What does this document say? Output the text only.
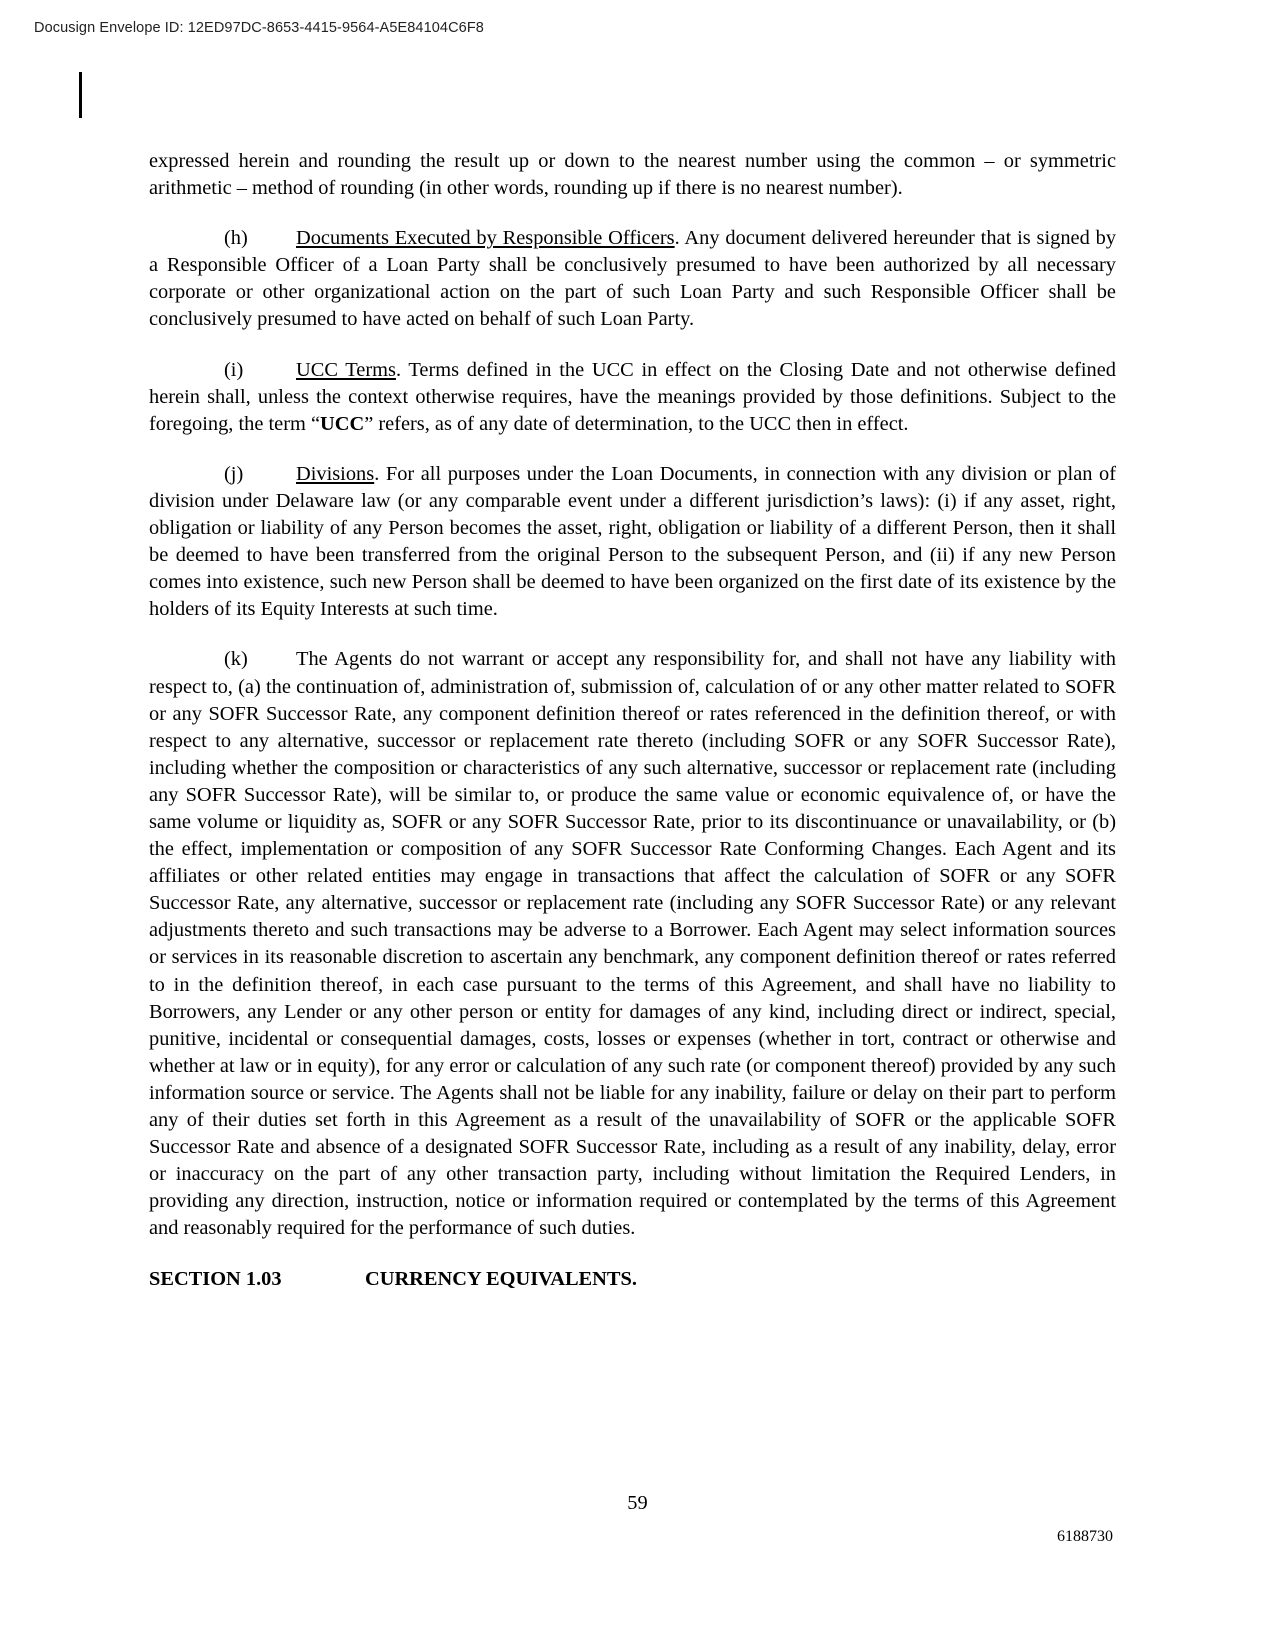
Docusign Envelope ID: 12ED97DC-8653-4415-9564-A5E84104C6F8

expressed herein and rounding the result up or down to the nearest number using the common – or symmetric arithmetic – method of rounding (in other words, rounding up if there is no nearest number).

(h) Documents Executed by Responsible Officers. Any document delivered hereunder that is signed by a Responsible Officer of a Loan Party shall be conclusively presumed to have been authorized by all necessary corporate or other organizational action on the part of such Loan Party and such Responsible Officer shall be conclusively presumed to have acted on behalf of such Loan Party.

(i)	UCC Terms. Terms defined in the UCC in effect on the Closing Date and not otherwise defined herein shall, unless the context otherwise requires, have the meanings provided by those definitions. Subject to the foregoing, the term “UCC” refers, as of any date of determination, to the UCC then in effect.

(j)	Divisions. For all purposes under the Loan Documents, in connection with any division or plan of division under Delaware law (or any comparable event under a different jurisdiction’s laws): (i) if any asset, right, obligation or liability of any Person becomes the asset, right, obligation or liability of a different Person, then it shall be deemed to have been transferred from the original Person to the subsequent Person, and (ii) if any new Person comes into existence, such new Person shall be deemed to have been organized on the first date of its existence by the holders of its Equity Interests at such time.

(k) The Agents do not warrant or accept any responsibility for, and shall not have any liability with respect to, (a) the continuation of, administration of, submission of, calculation of or any other matter related to SOFR or any SOFR Successor Rate, any component definition thereof or rates referenced in the definition thereof, or with respect to any alternative, successor or replacement rate thereto (including SOFR or any SOFR Successor Rate), including whether the composition or characteristics of any such alternative, successor or replacement rate (including any SOFR Successor Rate), will be similar to, or produce the same value or economic equivalence of, or have the same volume or liquidity as, SOFR or any SOFR Successor Rate, prior to its discontinuance or unavailability, or (b) the effect, implementation or composition of any SOFR Successor Rate Conforming Changes. Each Agent and its affiliates or other related entities may engage in transactions that affect the calculation of SOFR or any SOFR Successor Rate, any alternative, successor or replacement rate (including any SOFR Successor Rate) or any relevant adjustments thereto and such transactions may be adverse to a Borrower. Each Agent may select information sources or services in its reasonable discretion to ascertain any benchmark, any component definition thereof or rates referred to in the definition thereof, in each case pursuant to the terms of this Agreement, and shall have no liability to Borrowers, any Lender or any other person or entity for damages of any kind, including direct or indirect, special, punitive, incidental or consequential damages, costs, losses or expenses (whether in tort, contract or otherwise and whether at law or in equity), for any error or calculation of any such rate (or component thereof) provided by any such information source or service. The Agents shall not be liable for any inability, failure or delay on their part to perform any of their duties set forth in this Agreement as a result of the unavailability of SOFR or the applicable SOFR Successor Rate and absence of a designated SOFR Successor Rate, including as a result of any inability, delay, error or inaccuracy on the part of any other transaction party, including without limitation the Required Lenders, in providing any direction, instruction, notice or information required or contemplated by the terms of this Agreement and reasonably required for the performance of such duties.

SECTION 1.03	CURRENCY EQUIVALENTS.
59
6188730
